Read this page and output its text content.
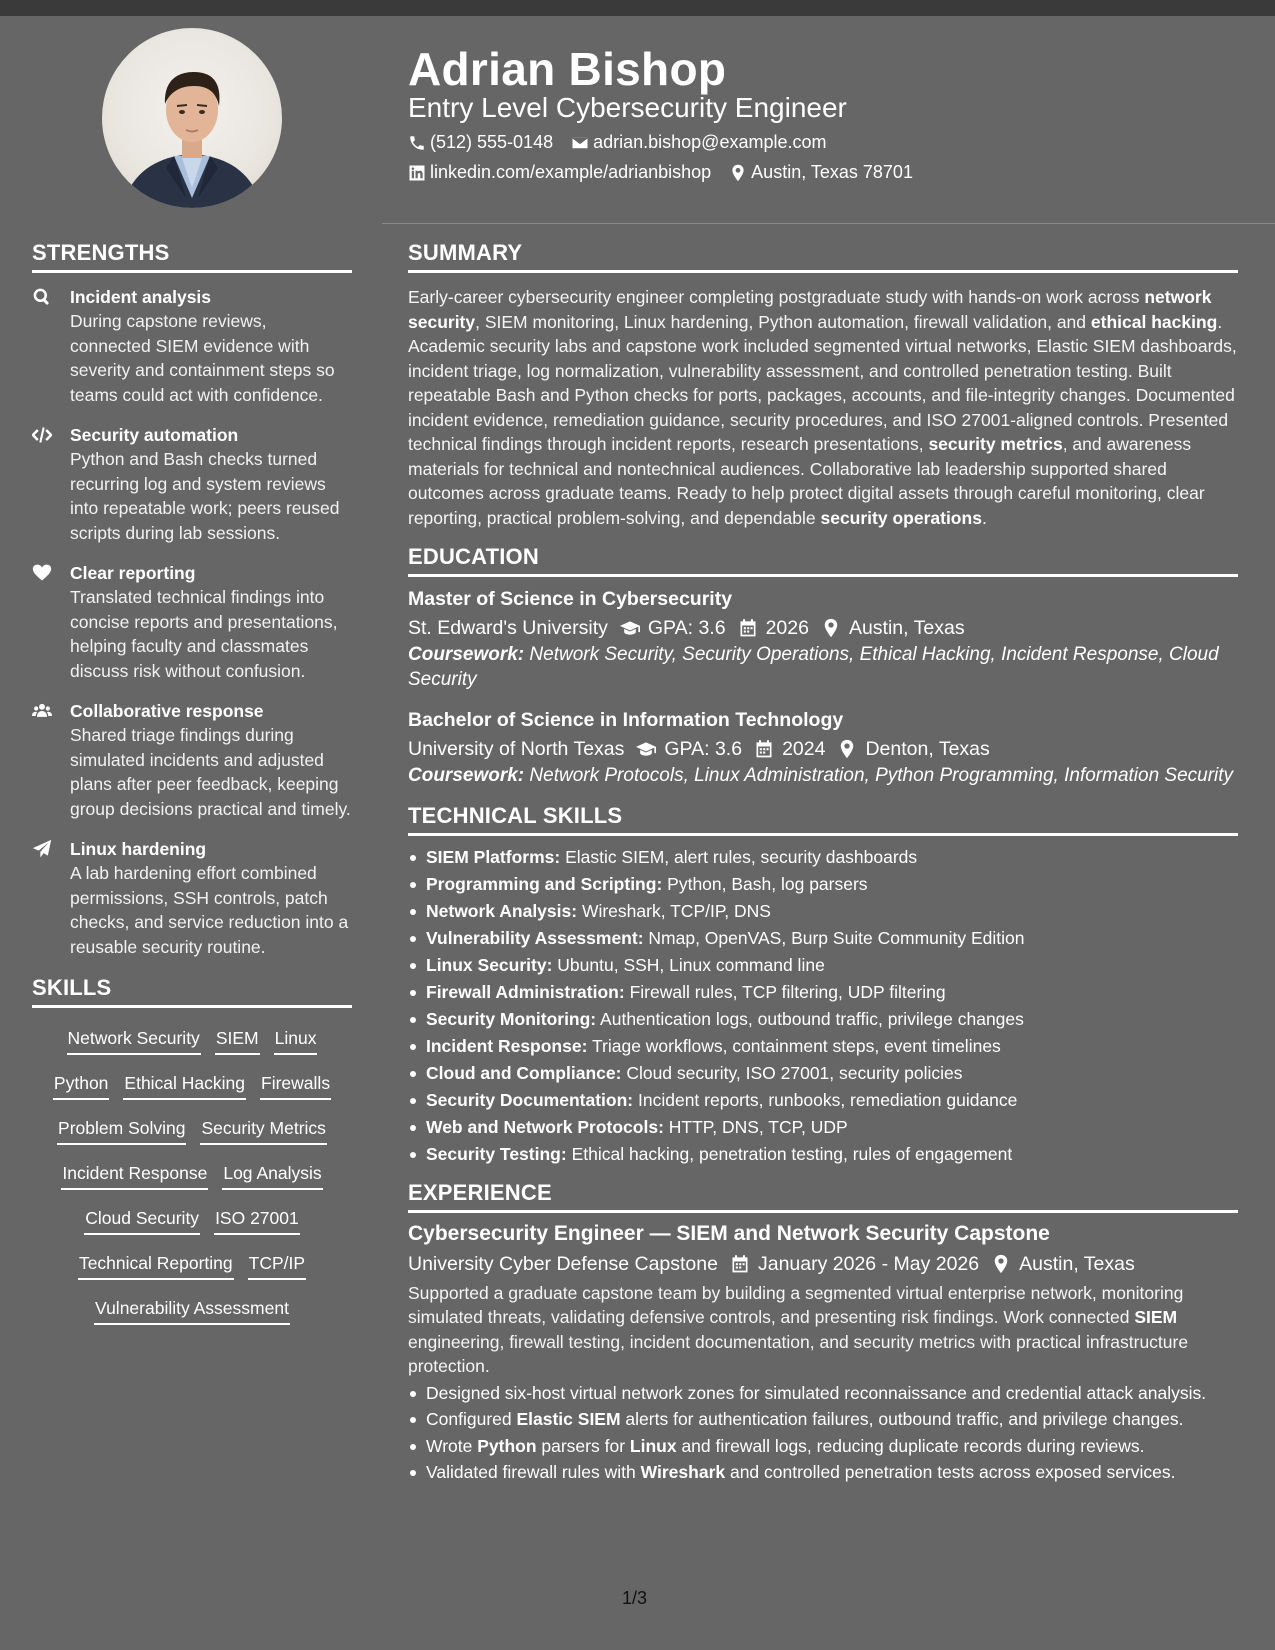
STRENGTHS
Incident analysis
During capstone reviews, connected SIEM evidence with severity and containment steps so teams could act with confidence.
Security automation
Python and Bash checks turned recurring log and system reviews into repeatable work; peers reused scripts during lab sessions.
Clear reporting
Translated technical findings into concise reports and presentations, helping faculty and classmates discuss risk without confusion.
Collaborative response
Shared triage findings during simulated incidents and adjusted plans after peer feedback, keeping group decisions practical and timely.
Linux hardening
A lab hardening effort combined permissions, SSH controls, patch checks, and service reduction into a reusable security routine.
SKILLS
Network Security SIEM Linux
Python Ethical Hacking Firewalls
Problem Solving Security Metrics
Incident Response Log Analysis
Cloud Security ISO 27001
Technical Reporting TCP/IP
Vulnerability Assessment
Adrian Bishop
Entry Level Cybersecurity Engineer
(512) 555-0148 adrian.bishop@example.com
linkedin.com/example/adrianbishop Austin, Texas 78701
SUMMARY
Early-career cybersecurity engineer completing postgraduate study with hands-on work across network security, SIEM monitoring, Linux hardening, Python automation, firewall validation, and ethical hacking. Academic security labs and capstone work included segmented virtual networks, Elastic SIEM dashboards, incident triage, log normalization, vulnerability assessment, and controlled penetration testing. Built repeatable Bash and Python checks for ports, packages, accounts, and file-integrity changes. Documented incident evidence, remediation guidance, security procedures, and ISO 27001-aligned controls. Presented technical findings through incident reports, research presentations, security metrics, and awareness materials for technical and nontechnical audiences. Collaborative lab leadership supported shared outcomes across graduate teams. Ready to help protect digital assets through careful monitoring, clear reporting, practical problem-solving, and dependable security operations.
EDUCATION
Master of Science in Cybersecurity
St. Edward's University GPA: 3.6 2026 Austin, Texas
Coursework: Network Security, Security Operations, Ethical Hacking, Incident Response, Cloud Security
Bachelor of Science in Information Technology
University of North Texas GPA: 3.6 2024 Denton, Texas
Coursework: Network Protocols, Linux Administration, Python Programming, Information Security
TECHNICAL SKILLS
SIEM Platforms: Elastic SIEM, alert rules, security dashboards
Programming and Scripting: Python, Bash, log parsers
Network Analysis: Wireshark, TCP/IP, DNS
Vulnerability Assessment: Nmap, OpenVAS, Burp Suite Community Edition
Linux Security: Ubuntu, SSH, Linux command line
Firewall Administration: Firewall rules, TCP filtering, UDP filtering
Security Monitoring: Authentication logs, outbound traffic, privilege changes
Incident Response: Triage workflows, containment steps, event timelines
Cloud and Compliance: Cloud security, ISO 27001, security policies
Security Documentation: Incident reports, runbooks, remediation guidance
Web and Network Protocols: HTTP, DNS, TCP, UDP
Security Testing: Ethical hacking, penetration testing, rules of engagement
EXPERIENCE
Cybersecurity Engineer — SIEM and Network Security Capstone
University Cyber Defense Capstone January 2026 - May 2026 Austin, Texas
Supported a graduate capstone team by building a segmented virtual enterprise network, monitoring simulated threats, validating defensive controls, and presenting risk findings. Work connected SIEM engineering, firewall testing, incident documentation, and security metrics with practical infrastructure protection.
Designed six-host virtual network zones for simulated reconnaissance and credential attack analysis.
Configured Elastic SIEM alerts for authentication failures, outbound traffic, and privilege changes.
Wrote Python parsers for Linux and firewall logs, reducing duplicate records during reviews.
Validated firewall rules with Wireshark and controlled penetration tests across exposed services.
1/3
